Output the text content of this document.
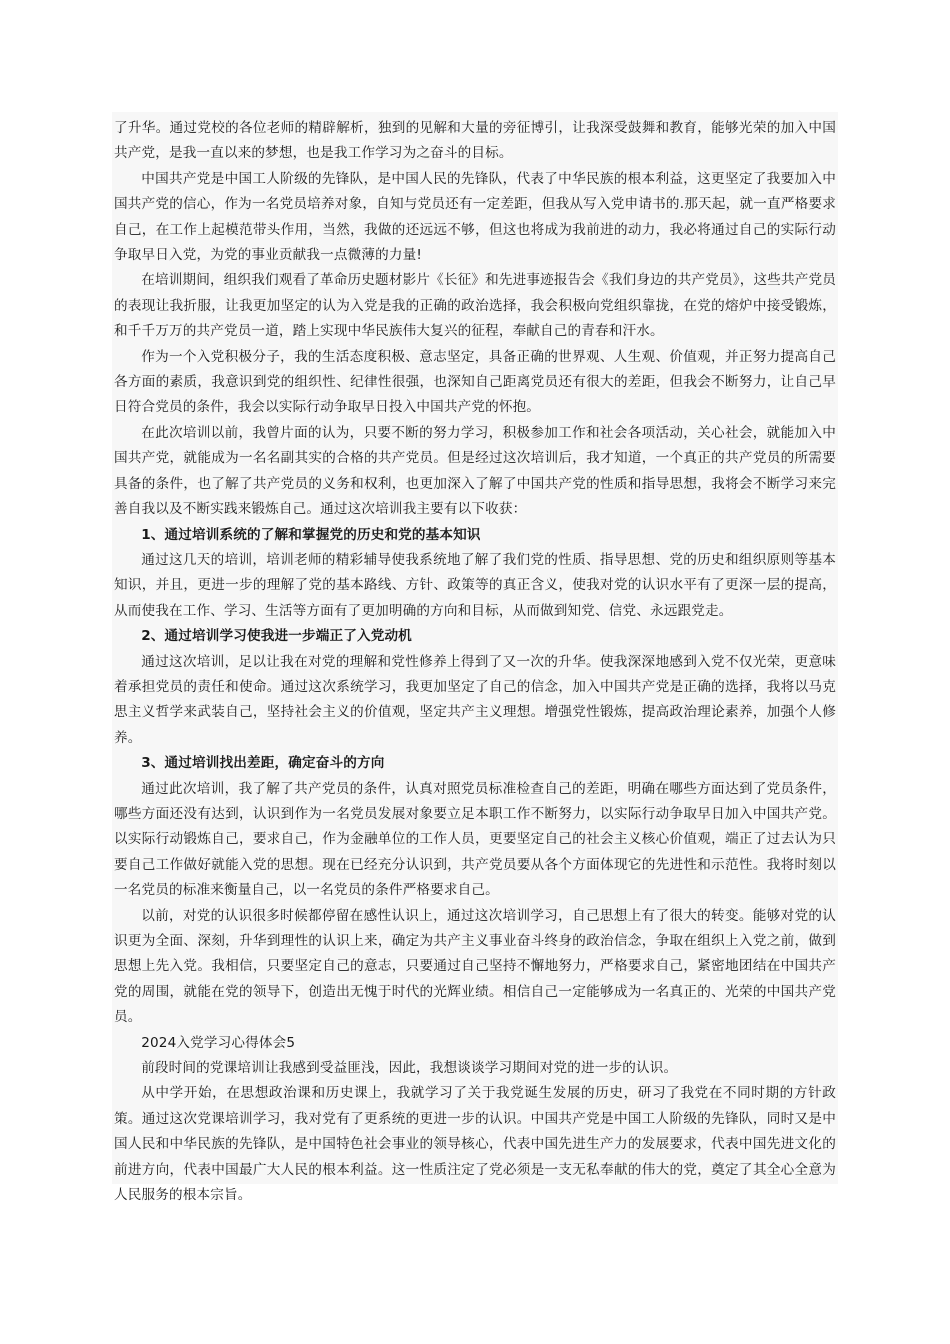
了升华。通过党校的各位老师的精辟解析，独到的见解和大量的旁征博引，让我深受鼓舞和教育，能够光荣的加入中国共产党，是我一直以来的梦想，也是我工作学习为之奋斗的目标。

中国共产党是中国工人阶级的先锋队，是中国人民的先锋队，代表了中华民族的根本利益，这更坚定了我要加入中国共产党的信心，作为一名党员培养对象，自知与党员还有一定差距，但我从写入党申请书的.那天起，就一直严格要求自己，在工作上起模范带头作用，当然，我做的还远远不够，但这也将成为我前进的动力，我必将通过自己的实际行动争取早日入党，为党的事业贡献我一点微薄的力量!

在培训期间，组织我们观看了革命历史题材影片《长征》和先进事迹报告会《我们身边的共产党员》，这些共产党员的表现让我折服，让我更加坚定的认为入党是我的正确的政治选择，我会积极向党组织靠拢，在党的熔炉中接受锻炼，和千千万万的共产党员一道，踏上实现中华民族伟大复兴的征程，奉献自己的青春和汗水。

作为一个入党积极分子，我的生活态度积极、意志坚定，具备正确的世界观、人生观、价值观，并正努力提高自己各方面的素质，我意识到党的组织性、纪律性很强，也深知自己距离党员还有很大的差距，但我会不断努力，让自己早日符合党员的条件，我会以实际行动争取早日投入中国共产党的怀抱。

在此次培训以前，我曾片面的认为，只要不断的努力学习，积极参加工作和社会各项活动，关心社会，就能加入中国共产党，就能成为一名名副其实的合格的共产党员。但是经过这次培训后，我才知道，一个真正的共产党员的所需要具备的条件，也了解了共产党员的义务和权利，也更加深入了解了中国共产党的性质和指导思想，我将会不断学习来完善自我以及不断实践来锻炼自己。通过这次培训我主要有以下收获：

1、通过培训系统的了解和掌握党的历史和党的基本知识

通过这几天的培训，培训老师的精彩辅导使我系统地了解了我们党的性质、指导思想、党的历史和组织原则等基本知识，并且，更进一步的理解了党的基本路线、方针、政策等的真正含义，使我对党的认识水平有了更深一层的提高，从而使我在工作、学习、生活等方面有了更加明确的方向和目标，从而做到知党、信党、永远跟党走。

2、通过培训学习使我进一步端正了入党动机

通过这次培训，足以让我在对党的理解和党性修养上得到了又一次的升华。使我深深地感到入党不仅光荣，更意味着承担党员的责任和使命。通过这次系统学习，我更加坚定了自己的信念，加入中国共产党是正确的选择，我将以马克思主义哲学来武装自己，坚持社会主义的价值观，坚定共产主义理想。增强党性锻炼，提高政治理论素养，加强个人修养。

3、通过培训找出差距，确定奋斗的方向

通过此次培训，我了解了共产党员的条件，认真对照党员标准检查自己的差距，明确在哪些方面达到了党员条件，哪些方面还没有达到，认识到作为一名党员发展对象要立足本职工作不断努力，以实际行动争取早日加入中国共产党。以实际行动锻炼自己，要求自己，作为金融单位的工作人员，更要坚定自己的社会主义核心价值观，端正了过去认为只要自己工作做好就能入党的思想。现在已经充分认识到，共产党员要从各个方面体现它的先进性和示范性。我将时刻以一名党员的标准来衡量自己，以一名党员的条件严格要求自己。

以前，对党的认识很多时候都停留在感性认识上，通过这次培训学习，自己思想上有了很大的转变。能够对党的认识更为全面、深刻，升华到理性的认识上来，确定为共产主义事业奋斗终身的政治信念，争取在组织上入党之前，做到思想上先入党。我相信，只要坚定自己的意志，只要通过自己坚持不懈地努力，严格要求自己，紧密地团结在中国共产党的周围，就能在党的领导下，创造出无愧于时代的光辉业绩。相信自己一定能够成为一名真正的、光荣的中国共产党员。

2024入党学习心得体会5

前段时间的党课培训让我感到受益匪浅，因此，我想谈谈学习期间对党的进一步的认识。

从中学开始，在思想政治课和历史课上，我就学习了关于我党诞生发展的历史，研习了我党在不同时期的方针政策。通过这次党课培训学习，我对党有了更系统的更进一步的认识。中国共产党是中国工人阶级的先锋队，同时又是中国人民和中华民族的先锋队，是中国特色社会事业的领导核心，代表中国先进生产力的发展要求，代表中国先进文化的前进方向，代表中国最广大人民的根本利益。这一性质注定了党必须是一支无私奉献的伟大的党，奠定了其全心全意为人民服务的根本宗旨。
